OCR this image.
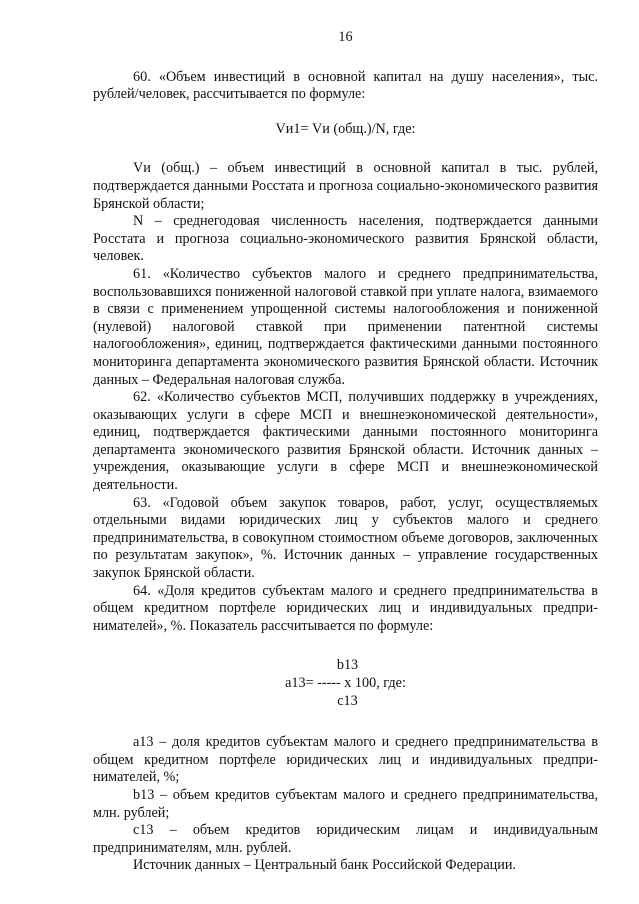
16

60. «Объем инвестиций в основной капитал на душу населения», тыс. рублей/человек, рассчитывается по формуле:

Vи1= Vи (общ.)/N, где:

Vи (общ.) – объем инвестиций в основной капитал в тыс. рублей, подтверждается данными Росстата и прогноза социально-экономического развития Брянской области;

N – среднегодовая численность населения, подтверждается данными Росстата и прогноза социально-экономического развития Брянской области, человек.

61. «Количество субъектов малого и среднего предпринимательства, воспользовавшихся пониженной налоговой ставкой при уплате налога, взимаемого в связи с применением упрощенной системы налогообложения и пониженной (нулевой) налоговой ставкой при применении патентной системы налогообложения», единиц, подтверждается фактическими данными постоянного мониторинга департамента экономического развития Брянской области. Источник данных – Федеральная налоговая служба.

62. «Количество субъектов МСП, получивших поддержку в учреждениях, оказывающих услуги в сфере МСП и внешнеэкономической деятельности», единиц, подтверждается фактическими данными постоянного мониторинга департамента экономического развития Брянской области. Источник данных – учреждения, оказывающие услуги в сфере МСП и внешнеэкономической деятельности.

63. «Годовой объем закупок товаров, работ, услуг, осуществляемых отдельными видами юридических лиц у субъектов малого и среднего предпринимательства, в совокупном стоимостном объеме договоров, заключенных по результатам закупок», %. Источник данных – управление государственных закупок Брянской области.

64. «Доля кредитов субъектам малого и среднего предпринимательства в общем кредитном портфеле юридических лиц и индивидуальных предпринимателей», %. Показатель рассчитывается по формуле:

b13
a13= ----- x 100, где:
c13

a13 – доля кредитов субъектам малого и среднего предпринимательства в общем кредитном портфеле юридических лиц и индивидуальных предпринимателей, %;

b13 – объем кредитов субъектам малого и среднего предпринимательства, млн. рублей;

c13 – объем кредитов юридическим лицам и индивидуальным предпринимателям, млн. рублей.

Источник данных – Центральный банк Российской Федерации.
